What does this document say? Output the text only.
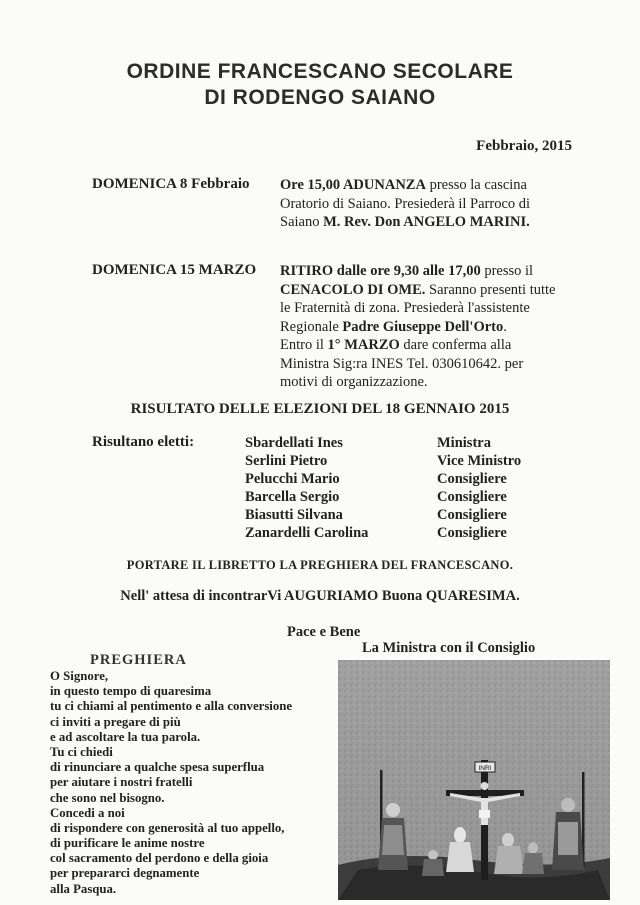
ORDINE FRANCESCANO SECOLARE
DI RODENGO SAIANO
Febbraio, 2015
DOMENICA 8 Febbraio Ore 15,00 ADUNANZA presso la cascina
Oratorio di Saiano. Presiederà il Parroco di
Saiano M. Rev. Don ANGELO MARINI.
DOMENICA 15 MARZO RITIRO dalle ore 9,30 alle 17,00 presso il
CENACOLO DI OME. Saranno presenti tutte
le Fraternità di zona. Presiederà l'assistente
Regionale Padre Giuseppe Dell'Orto.
Entro il 1° MARZO dare conferma alla
Ministra Sig:ra INES Tel. 030610642. per
motivi di organizzazione.
RISULTATO DELLE ELEZIONI DEL 18 GENNAIO 2015
Risultano eletti:	Sbardellati Ines
Serlini Pietro
Pelucchi Mario
Barcella Sergio
Biasutti Silvana
Zanardelli Carolina
Ministra
Vice Ministro
Consigliere
Consigliere
Consigliere
Consigliere
PORTARE IL LIBRETTO LA PREGHIERA DEL FRANCESCANO.
Nell' attesa di incontrarVi AUGURIAMO Buona QUARESIMA.
Pace e Bene
La Ministra con il Consiglio
PREGHIERA
O Signore,
in questo tempo di quaresima
tu ci chiami al pentimento e alla conversione
ci inviti a pregare di più
e ad ascoltare la tua parola.
Tu ci chiedi
di rinunciare a qualche spesa superflua
per aiutare i nostri fratelli
che sono nel bisogno.
Concedi a noi
di rispondere con generosità al tuo appello,
di purificare le anime nostre
col sacramento del perdono e della gioia
per prepararci degnamente
alla Pasqua.
INRI
